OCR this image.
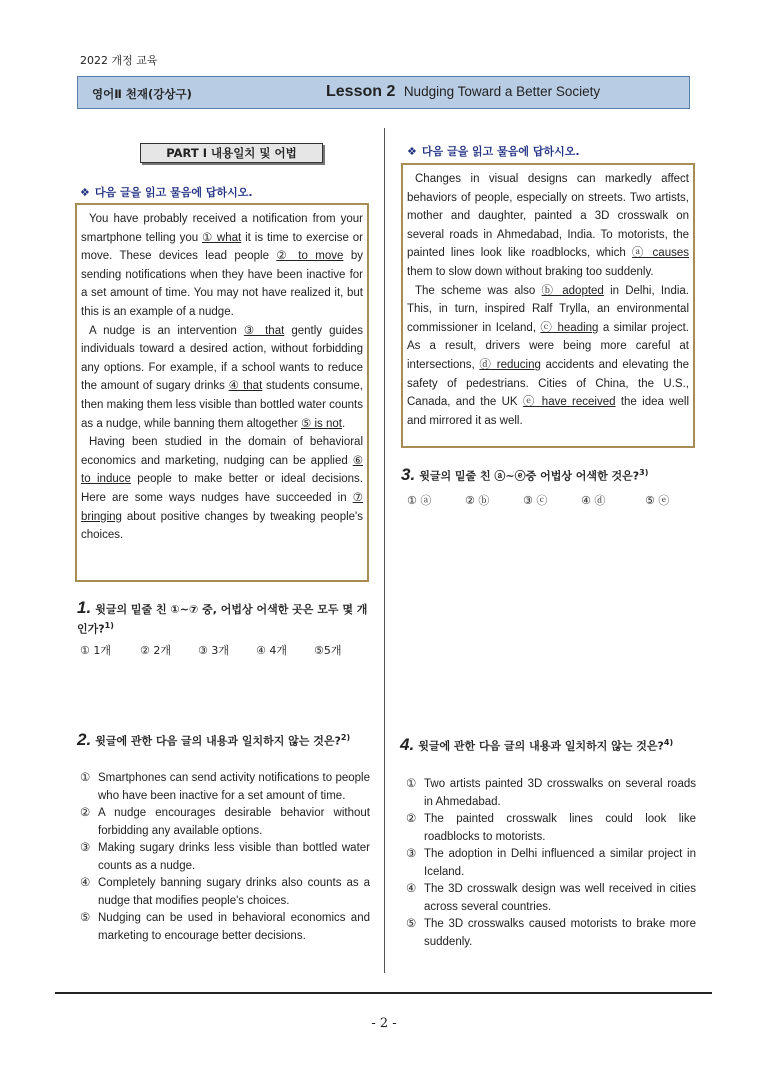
2022 개정 교육
영어Ⅱ 천재(강상구)	Lesson 2 Nudging Toward a Better Society
PART Ⅰ 내용일치 및 어법
❖ 다음 글을 읽고 물음에 답하시오.

You have probably received a notification from your smartphone telling you ① what it is time to exercise or move. These devices lead people ② to move by sending notifications when they have been inactive for a set amount of time. You may not have realized it, but this is an example of a nudge.

A nudge is an intervention ③ that gently guides individuals toward a desired action, without forbidding any options. For example, if a school wants to reduce the amount of sugary drinks ④ that students consume, then making them less visible than bottled water counts as a nudge, while banning them altogether ⑤ is not.

Having been studied in the domain of behavioral economics and marketing, nudging can be applied ⑥ to induce people to make better or ideal decisions. Here are some ways nudges have succeeded in ⑦ bringing about positive changes by tweaking people's choices.

1. 윗글의 밑줄 친 ①~⑦ 중, 어법상 어색한 곳은 모두 몇 개인가?$^{1)}$
① 1개	② 2개	③ 3개	④ 4개	⑤5개
2. 윗글에 관한 다음 글의 내용과 일치하지 않는 것은?$^{2)}$
① Smartphones can send activity notifications to people who have been inactive for a set amount of time.
② A nudge encourages desirable behavior without forbidding any available options.
③ Making sugary drinks less visible than bottled water counts as a nudge.
④ Completely banning sugary drinks also counts as a nudge that modifies people's choices.
⑤ Nudging can be used in behavioral economics and marketing to encourage better decisions.
❖ 다음 글을 읽고 물음에 답하시오.

Changes in visual designs can markedly affect behaviors of people, especially on streets. Two artists, mother and daughter, painted a 3D crosswalk on several roads in Ahmedabad, India. To motorists, the painted lines look like roadblocks, which ⓐ causes them to slow down without braking too suddenly.

The scheme was also ⓑ adopted in Delhi, India. This, in turn, inspired Ralf Trylla, an environmental commissioner in Iceland, ⓒ heading a similar project. As a result, drivers were being more careful at intersections, ⓓ reducing accidents and elevating the safety of pedestrians. Cities of China, the U.S., Canada, and the UK ⓔ have received the idea well and mirrored it as well.

3. 윗글의 밑줄 친 ⓐ~ⓔ중 어법상 어색한 것은?$^{3)}$
① ⓐ	② ⓑ	③ ⓒ	④ ⓓ	⑤ ⓔ
4. 윗글에 관한 다음 글의 내용과 일치하지 않는 것은?$^{4)}$
① Two artists painted 3D crosswalks on several roads in Ahmedabad.
② The painted crosswalk lines could look like roadblocks to motorists.
③ The adoption in Delhi influenced a similar project in Iceland.
④ The 3D crosswalk design was well received in cities across several countries.
⑤ The 3D crosswalks caused motorists to brake more suddenly.
- 2 -
